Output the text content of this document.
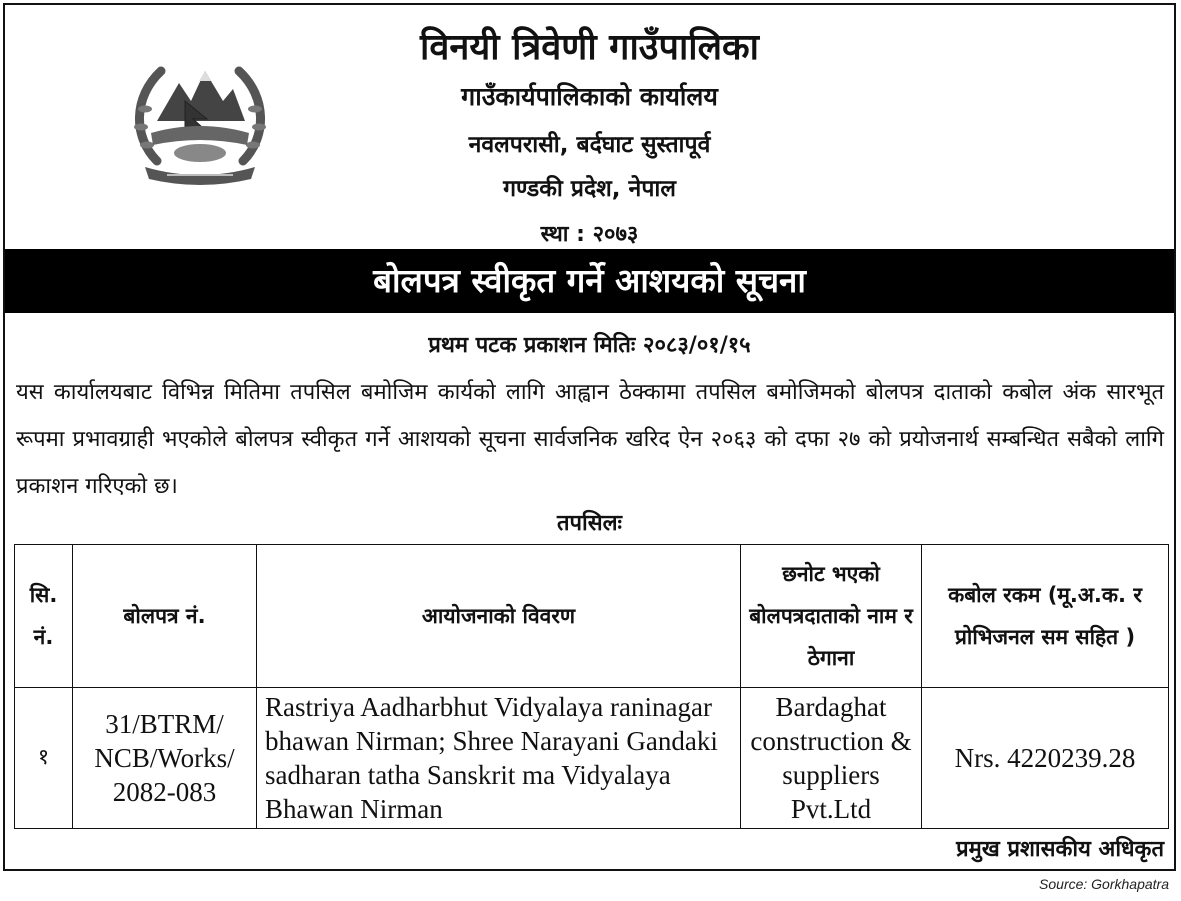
विनयी त्रिवेणी गाउँपालिका
गाउँकार्यपालिकाको कार्यालय
नवलपरासी, बर्दघाट सुस्तापूर्व
गण्डकी प्रदेश, नेपाल
स्था : २०७३
बोलपत्र स्वीकृत गर्ने आशयको सूचना
प्रथम पटक प्रकाशन मितिः २०८३/०१/१५
यस कार्यालयबाट विभिन्न मितिमा तपसिल बमोजिम कार्यको लागि आह्वान ठेक्कामा तपसिल बमोजिमको बोलपत्र दाताको कबोल अंक सारभूत रूपमा प्रभावग्राही भएकोले बोलपत्र स्वीकृत गर्ने आशयको सूचना सार्वजनिक खरिद ऐन २०६३ को दफा २७ को प्रयोजनार्थ सम्बन्धित सबैको लागि प्रकाशन गरिएको छ।
तपसिलः
सि. नं.	बोलपत्र नं.	आयोजनाको विवरण	छनोट भएको बोलपत्रदाताको नाम र ठेगाना	कबोल रकम (मू.अ.क. र प्रोभिजनल सम सहित )
१	31/BTRM/ NCB/Works/ 2082-083	Rastriya Aadharbhut Vidyalaya raninagar bhawan Nirman; Shree Narayani Gandaki sadharan tatha Sanskrit ma Vidyalaya Bhawan Nirman	Bardaghat construction & suppliers Pvt.Ltd	Nrs. 4220239.28
प्रमुख प्रशासकीय अधिकृत
Source: Gorkhapatra
